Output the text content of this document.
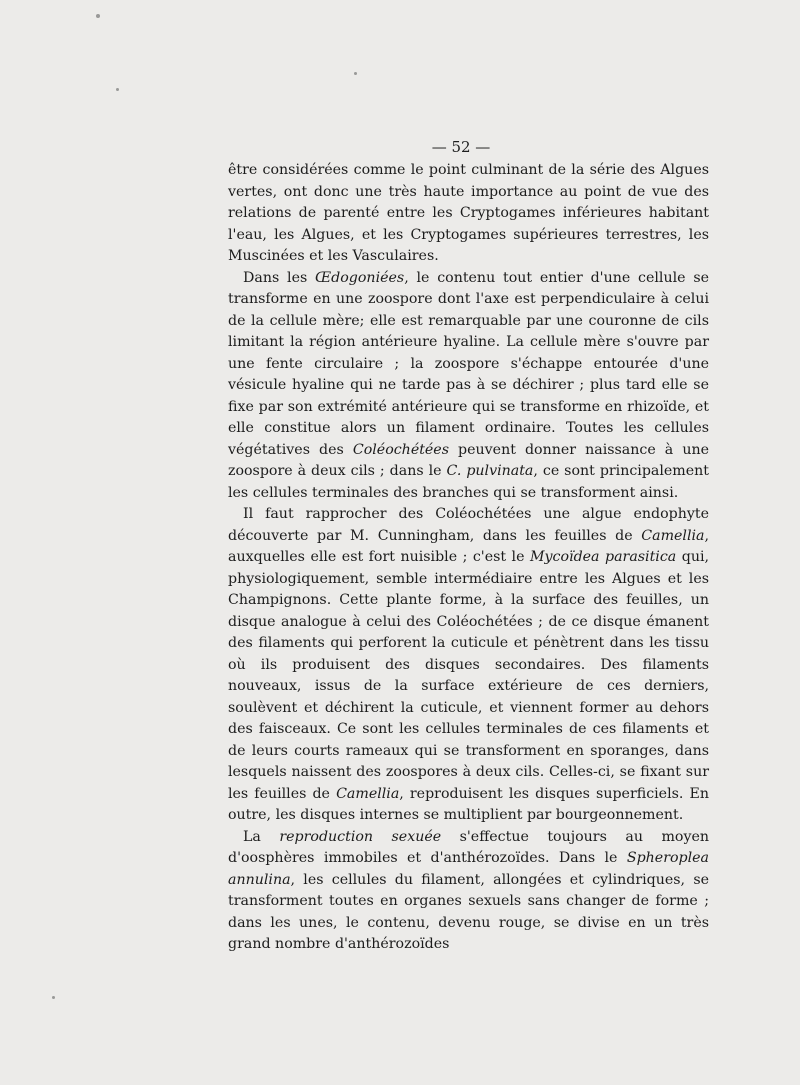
— 52 —

être considérées comme le point culminant de la série des Algues vertes, ont donc une très haute importance au point de vue des relations de parenté entre les Cryptogames inférieures habitant l'eau, les Algues, et les Cryptogames supérieures terrestres, les Muscinées et les Vasculaires.

Dans les Œdogoniées, le contenu tout entier d'une cellule se transforme en une zoospore dont l'axe est perpendiculaire à celui de la cellule mère; elle est remarquable par une couronne de cils limitant la région antérieure hyaline. La cellule mère s'ouvre par une fente circulaire ; la zoospore s'échappe entourée d'une vésicule hyaline qui ne tarde pas à se déchirer ; plus tard elle se fixe par son extrémité antérieure qui se transforme en rhizoïde, et elle constitue alors un filament ordinaire. Toutes les cellules végétatives des Coléochétées peuvent donner naissance à une zoospore à deux cils ; dans le C. pulvinata, ce sont principalement les cellules terminales des branches qui se transforment ainsi.

Il faut rapprocher des Coléochétées une algue endophyte découverte par M. Cunningham, dans les feuilles de Camellia, auxquelles elle est fort nuisible ; c'est le Mycoïdea parasitica qui, physiologiquement, semble intermédiaire entre les Algues et les Champignons. Cette plante forme, à la surface des feuilles, un disque analogue à celui des Coléochétées ; de ce disque émanent des filaments qui perforent la cuticule et pénètrent dans les tissu où ils produisent des disques secondaires. Des filaments nouveaux, issus de la surface extérieure de ces derniers, soulèvent et déchirent la cuticule, et viennent former au dehors des faisceaux. Ce sont les cellules terminales de ces filaments et de leurs courts rameaux qui se transforment en sporanges, dans lesquels naissent des zoospores à deux cils. Celles-ci, se fixant sur les feuilles de Camellia, reproduisent les disques superficiels. En outre, les disques internes se multiplient par bourgeonnement.

La reproduction sexuée s'effectue toujours au moyen d'oosphères immobiles et d'anthérozoïdes. Dans le Spheroplea annulina, les cellules du filament, allongées et cylindriques, se transforment toutes en organes sexuels sans changer de forme ; dans les unes, le contenu, devenu rouge, se divise en un très grand nombre d'anthérozoïdes
